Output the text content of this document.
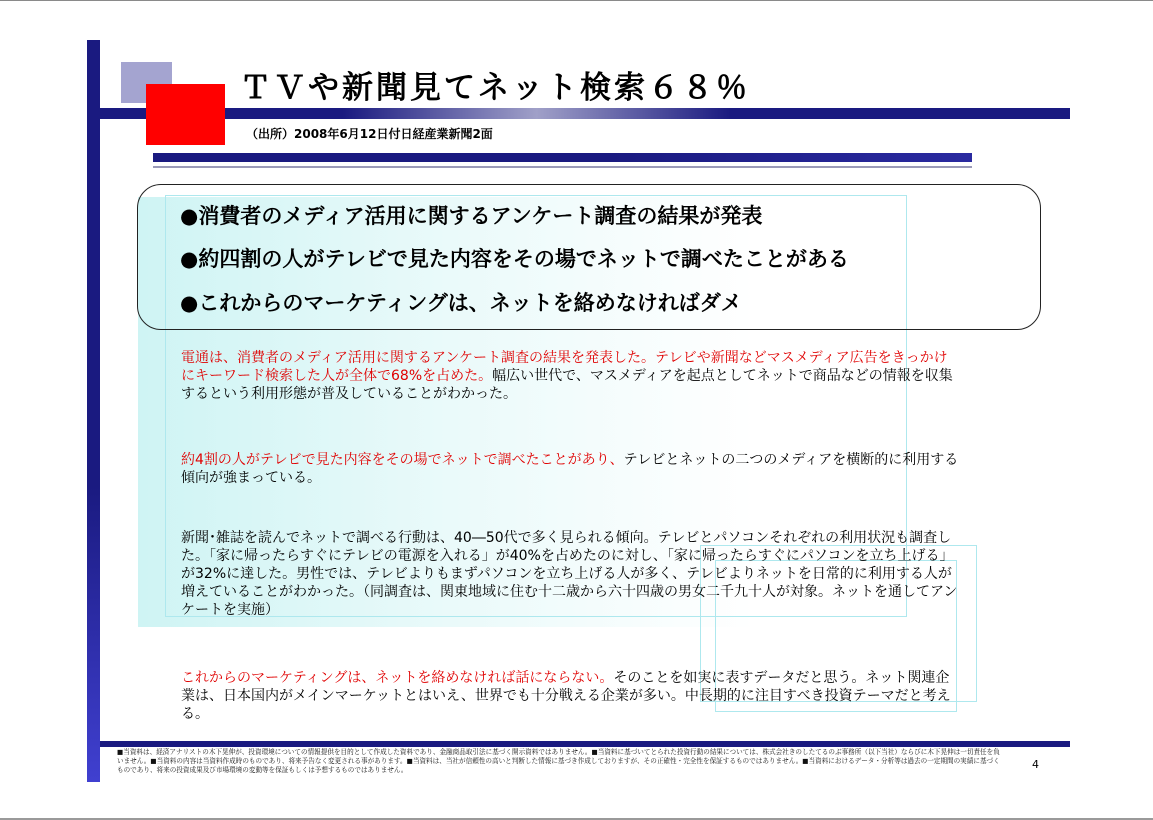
ＴＶや新聞見てネット検索６８％
（出所）2008年6月12日付日経産業新聞2面
●消費者のメディア活用に関するアンケート調査の結果が発表
●約四割の人がテレビで見た内容をその場でネットで調べたことがある
●これからのマーケティングは、ネットを絡めなければダメ
電通は、消費者のメディア活用に関するアンケート調査の結果を発表した。テレビや新聞などマスメディア広告をきっかけにキーワード検索した人が全体で68%を占めた。幅広い世代で、マスメディアを起点としてネットで商品などの情報を収集するという利用形態が普及していることがわかった。
約4割の人がテレビで見た内容をその場でネットで調べたことがあり、テレビとネットの二つのメディアを横断的に利用する傾向が強まっている。
新聞･雑誌を読んでネットで調べる行動は、40―50代で多く見られる傾向。テレビとパソコンそれぞれの利用状況も調査した。「家に帰ったらすぐにテレビの電源を入れる」が40%を占めたのに対し、「家に帰ったらすぐにパソコンを立ち上げる」が32%に達した。男性では、テレビよりもまずパソコンを立ち上げる人が多く、テレビよりネットを日常的に利用する人が増えていることがわかった。（同調査は、関東地域に住む十二歳から六十四歳の男女二千九十人が対象。ネットを通してアンケートを実施）
これからのマーケティングは、ネットを絡めなければ話にならない。そのことを如実に表すデータだと思う。ネット関連企業は、日本国内がメインマーケットとはいえ、世界でも十分戦える企業が多い。中長期的に注目すべき投資テーマだと考える。
■当資料は、経済アナリストの木下晃伸が、投資環境についての情報提供を目的として作成した資料であり、金融商品取引法に基づく開示資料ではありません。■当資料に基づいてとられた投資行動の結果については、株式会社きのしたてるのぶ事務所（以下当社）ならびに木下晃伸は一切責任を負いません。■当資料の内容は当資料作成時のものであり、将来予告なく変更される事があります。■当資料は、当社が信頼性の高いと判断した情報に基づき作成しておりますが、その正確性・完全性を保証するものではありません。■当資料におけるデータ・分析等は過去の一定期間の実績に基づくものであり、将来の投資成果及び市場環境の変動等を保証もしくは予想するものではありません。	4
